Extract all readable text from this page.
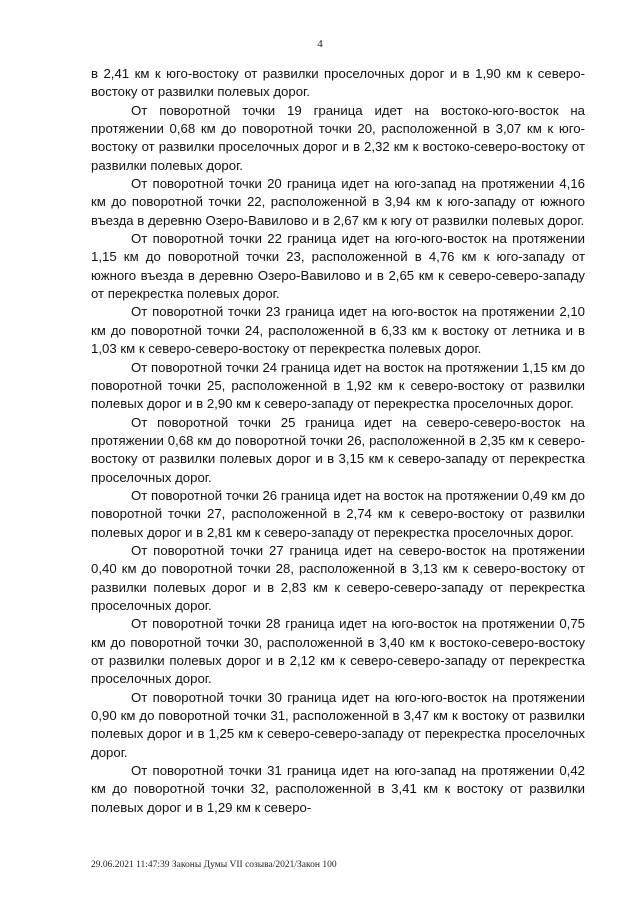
4

в 2,41 км к юго-востоку от развилки проселочных дорог и в 1,90 км к северо-востоку от развилки полевых дорог.

От поворотной точки 19 граница идет на востоко-юго-восток на протяжении 0,68 км до поворотной точки 20, расположенной в 3,07 км к юго-востоку от развилки проселочных дорог и в 2,32 км к востоко-северо-востоку от развилки полевых дорог.

От поворотной точки 20 граница идет на юго-запад на протяжении 4,16 км до поворотной точки 22, расположенной в 3,94 км к юго-западу от южного въезда в деревню Озеро-Вавилово и в 2,67 км к югу от развилки полевых дорог.

От поворотной точки 22 граница идет на юго-юго-восток на протяжении 1,15 км до поворотной точки 23, расположенной в 4,76 км к юго-западу от южного въезда в деревню Озеро-Вавилово и в 2,65 км к северо-северо-западу от перекрестка полевых дорог.

От поворотной точки 23 граница идет на юго-восток на протяжении 2,10 км до поворотной точки 24, расположенной в 6,33 км к востоку от летника и в 1,03 км к северо-северо-востоку от перекрестка полевых дорог.

От поворотной точки 24 граница идет на восток на протяжении 1,15 км до поворотной точки 25, расположенной в 1,92 км к северо-востоку от развилки полевых дорог и в 2,90 км к северо-западу от перекрестка проселочных дорог.

От поворотной точки 25 граница идет на северо-северо-восток на протяжении 0,68 км до поворотной точки 26, расположенной в 2,35 км к северо-востоку от развилки полевых дорог и в 3,15 км к северо-западу от перекрестка проселочных дорог.

От поворотной точки 26 граница идет на восток на протяжении 0,49 км до поворотной точки 27, расположенной в 2,74 км к северо-востоку от развилки полевых дорог и в 2,81 км к северо-западу от перекрестка проселочных дорог.

От поворотной точки 27 граница идет на северо-восток на протяжении 0,40 км до поворотной точки 28, расположенной в 3,13 км к северо-востоку от развилки полевых дорог и в 2,83 км к северо-северо-западу от перекрестка проселочных дорог.

От поворотной точки 28 граница идет на юго-восток на протяжении 0,75 км до поворотной точки 30, расположенной в 3,40 км к востоко-северо-востоку от развилки полевых дорог и в 2,12 км к северо-северо-западу от перекрестка проселочных дорог.

От поворотной точки 30 граница идет на юго-юго-восток на протяжении 0,90 км до поворотной точки 31, расположенной в 3,47 км к востоку от развилки полевых дорог и в 1,25 км к северо-северо-западу от перекрестка проселочных дорог.

От поворотной точки 31 граница идет на юго-запад на протяжении 0,42 км до поворотной точки 32, расположенной в 3,41 км к востоку от развилки полевых дорог и в 1,29 км к северо-

29.06.2021 11:47:39 Законы Думы VII созыва/2021/Закон 100
